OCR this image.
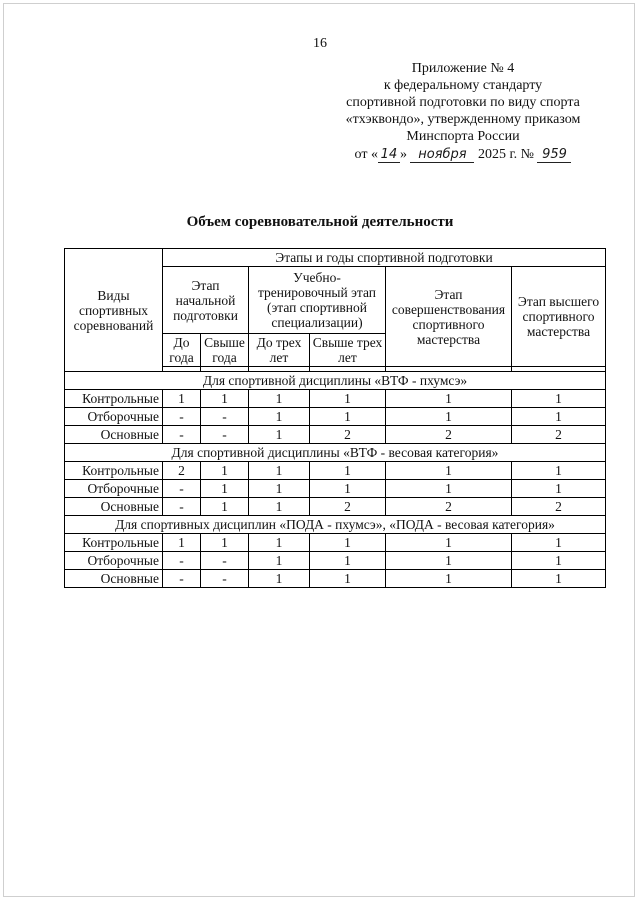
16
Приложение № 4
к федеральному стандарту
спортивной подготовки по виду спорта
«тхэквондо», утвержденному приказом
Минспорта России
от « 14 » ноября 2025 г. № 959
Объем соревновательной деятельности
Виды спортивных соревнований	Этапы и годы спортивной подготовки					
	Этап начальной подготовки		Учебно-тренировочный этап (этап спортивной специализации)		Этап совершенствования спортивного мастерства	Этап высшего спортивного мастерства
	До года	Свыше года	До трех лет	Свыше трех лет		

Для спортивной дисциплины «ВТФ - пхумсэ»						
Контрольные	1	1	1	1	1	1
Отборочные	-	-	1	1	1	1
Основные	-	-	1	2	2	2
Для спортивной дисциплины «ВТФ - весовая категория»						
Контрольные	2	1	1	1	1	1
Отборочные	-	1	1	1	1	1
Основные	-	1	1	2	2	2
Для спортивных дисциплин «ПОДА - пхумсэ», «ПОДА - весовая категория»						
Контрольные	1	1	1	1	1	1
Отборочные	-	-	1	1	1	1
Основные	-	-	1	1	1	1
